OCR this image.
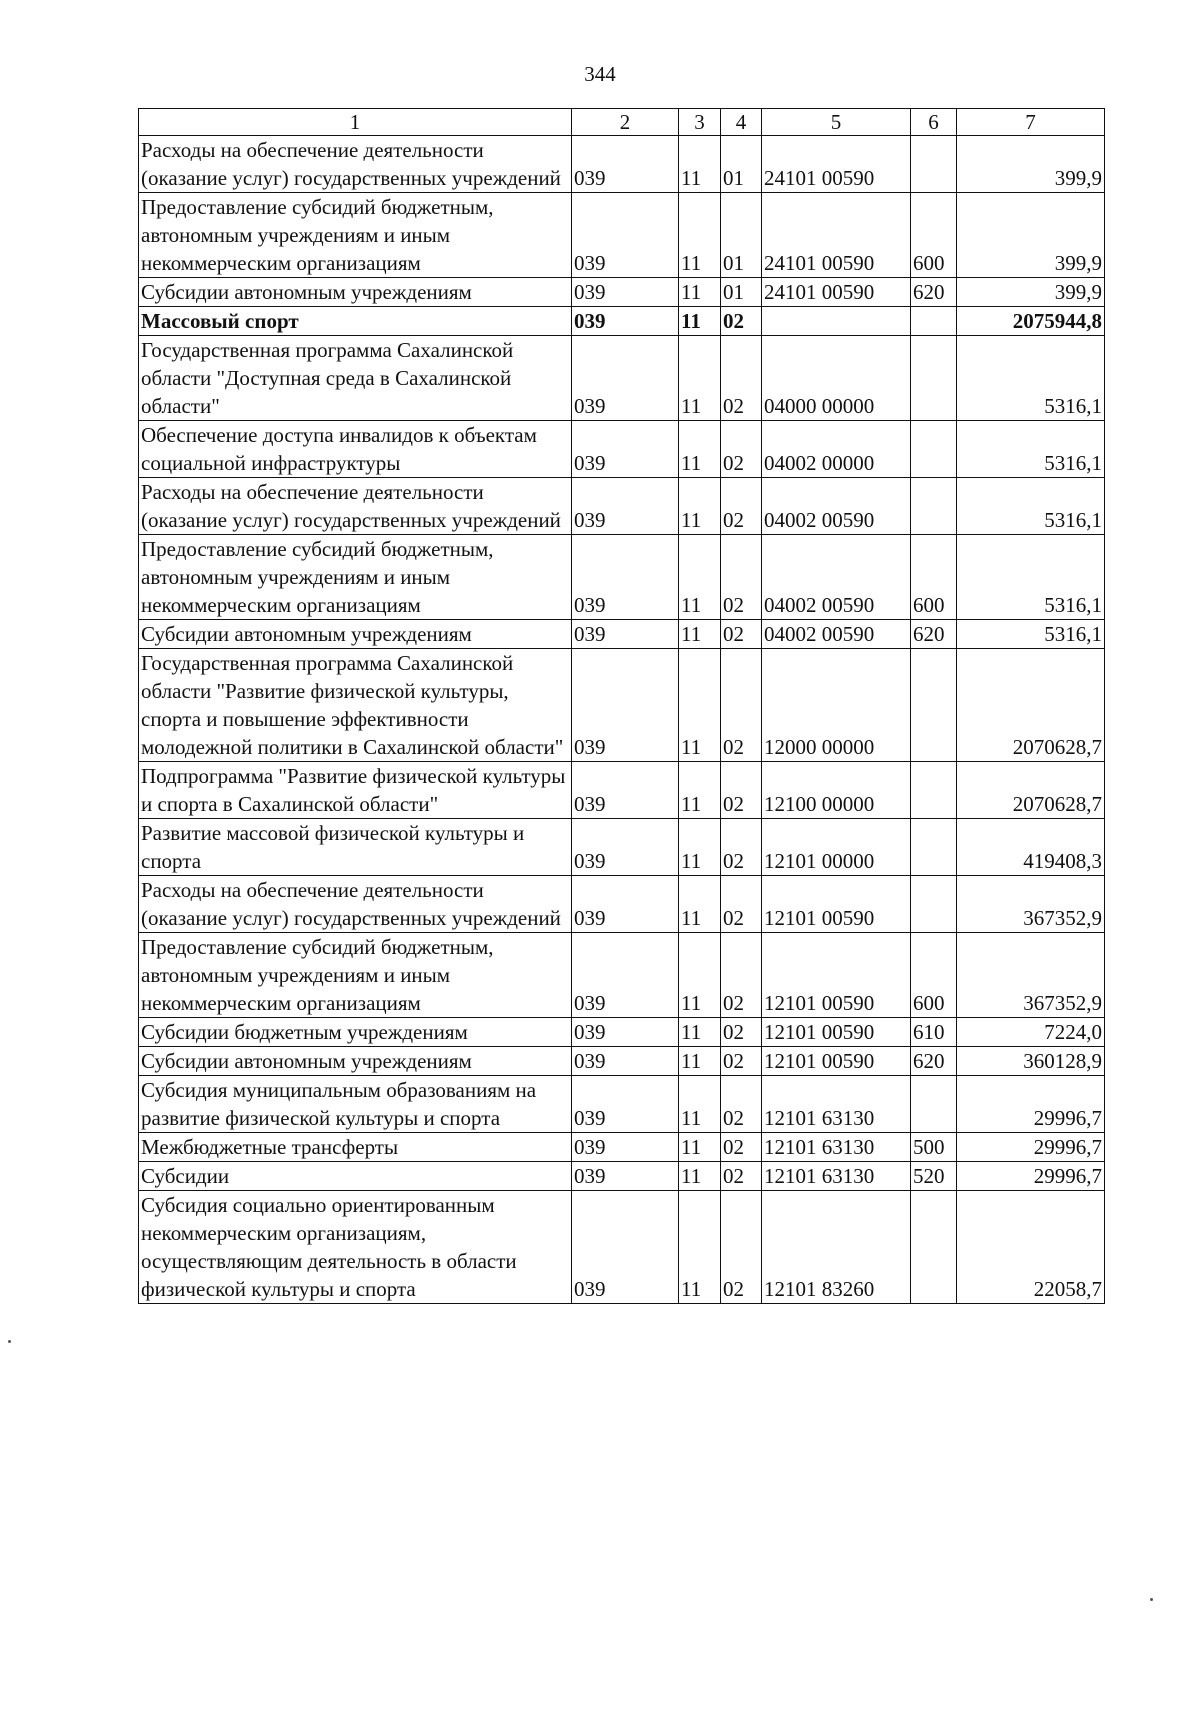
344
1	2	3	4	5	6	7
Расходы на обеспечение деятельности (оказание услуг) государственных учреждений	039	11	01	24101 00590		399,9
Предоставление субсидий бюджетным, автономным учреждениям и иным некоммерческим организациям	039	11	01	24101 00590	600	399,9
Субсидии автономным учреждениям	039	11	01	24101 00590	620	399,9
Массовый спорт	039	11	02			2075944,8
Государственная программа Сахалинской области "Доступная среда в Сахалинской области"	039	11	02	04000 00000		5316,1
Обеспечение доступа инвалидов к объектам социальной инфраструктуры	039	11	02	04002 00000		5316,1
Расходы на обеспечение деятельности (оказание услуг) государственных учреждений	039	11	02	04002 00590		5316,1
Предоставление субсидий бюджетным, автономным учреждениям и иным некоммерческим организациям	039	11	02	04002 00590	600	5316,1
Субсидии автономным учреждениям	039	11	02	04002 00590	620	5316,1
Государственная программа Сахалинской области "Развитие физической культуры, спорта и повышение эффективности молодежной политики в Сахалинской области"	039	11	02	12000 00000		2070628,7
Подпрограмма "Развитие физической культуры и спорта в Сахалинской области"	039	11	02	12100 00000		2070628,7
Развитие массовой физической культуры и спорта	039	11	02	12101 00000		419408,3
Расходы на обеспечение деятельности (оказание услуг) государственных учреждений	039	11	02	12101 00590		367352,9
Предоставление субсидий бюджетным, автономным учреждениям и иным некоммерческим организациям	039	11	02	12101 00590	600	367352,9
Субсидии бюджетным учреждениям	039	11	02	12101 00590	610	7224,0
Субсидии автономным учреждениям	039	11	02	12101 00590	620	360128,9
Субсидия муниципальным образованиям на развитие физической культуры и спорта	039	11	02	12101 63130		29996,7
Межбюджетные трансферты	039	11	02	12101 63130	500	29996,7
Субсидии	039	11	02	12101 63130	520	29996,7
Субсидия социально ориентированным некоммерческим организациям, осуществляющим деятельность в области физической культуры и спорта	039	11	02	12101 83260		22058,7
